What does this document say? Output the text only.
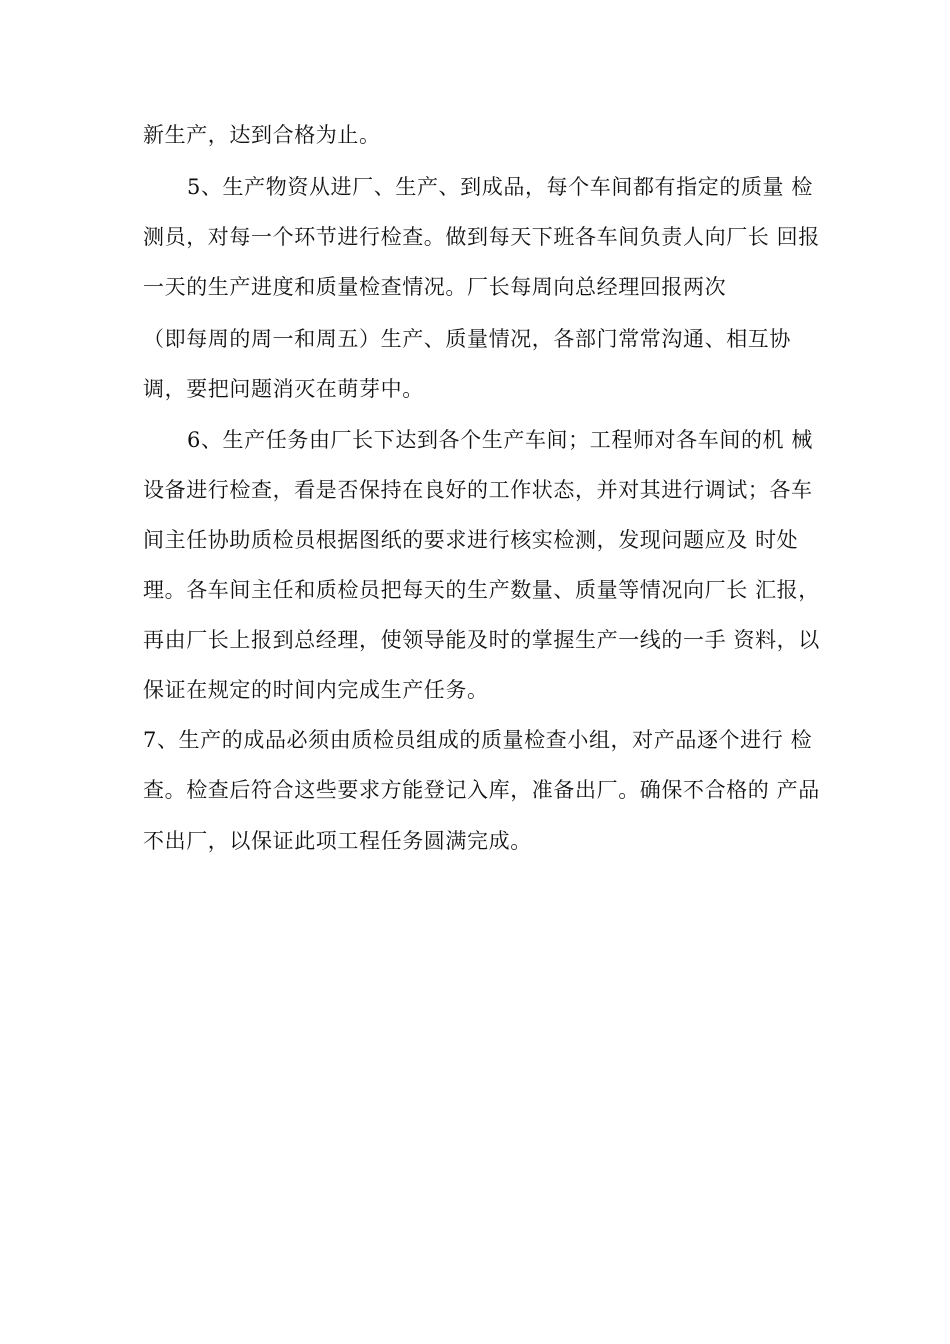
新生产，达到合格为止。
5、生产物资从进厂、生产、到成品，每个车间都有指定的质量 检
测员，对每一个环节进行检查。做到每天下班各车间负责人向厂长 回报
一天的生产进度和质量检查情况。厂长每周向总经理回报两次
（即每周的周一和周五）生产、质量情况，各部门常常沟通、相互协
调，要把问题消灭在萌芽中。
6、生产任务由厂长下达到各个生产车间；工程师对各车间的机 械
设备进行检查，看是否保持在良好的工作状态，并对其进行调试；各车
间主任协助质检员根据图纸的要求进行核实检测，发现问题应及 时处
理。各车间主任和质检员把每天的生产数量、质量等情况向厂长 汇报，
再由厂长上报到总经理，使领导能及时的掌握生产一线的一手 资料，以
保证在规定的时间内完成生产任务。
7、生产的成品必须由质检员组成的质量检查小组，对产品逐个进行 检
查。检查后符合这些要求方能登记入库，准备出厂。确保不合格的 产品
不出厂，以保证此项工程任务圆满完成。
